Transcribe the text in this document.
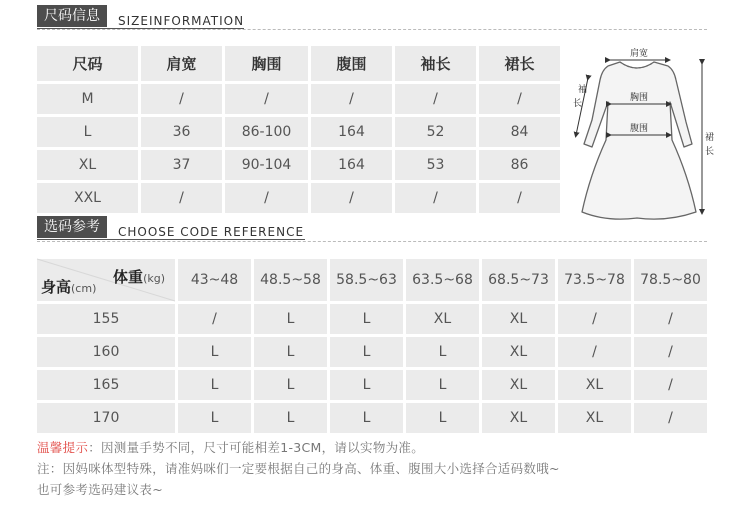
尺码信息	SIZEINFORMATION
尺码	肩宽	胸围	腹围	袖长	裙长
M	/	/	/	/	/
L	36	86-100	164	52	84
XL	37	90-104	164	53	86
XXL	/	/	/	/	/
肩宽
胸围
腹围
袖
长
裙
长
选码参考	CHOOSE CODE REFERENCE
体重(kg)
身高(cm)	43~48	48.5~58	58.5~63	63.5~68	68.5~73	73.5~78	78.5~80
155	/	L	L	XL	XL	/	/
160	L	L	L	L	XL	/	/
165	L	L	L	L	XL	XL	/
170	L	L	L	L	XL	XL	/
温馨提示：因测量手势不同，尺寸可能相差1-3CM，请以实物为准。
注：因妈咪体型特殊，请准妈咪们一定要根据自己的身高、体重、腹围大小选择合适码数哦~
也可参考选码建议表~
